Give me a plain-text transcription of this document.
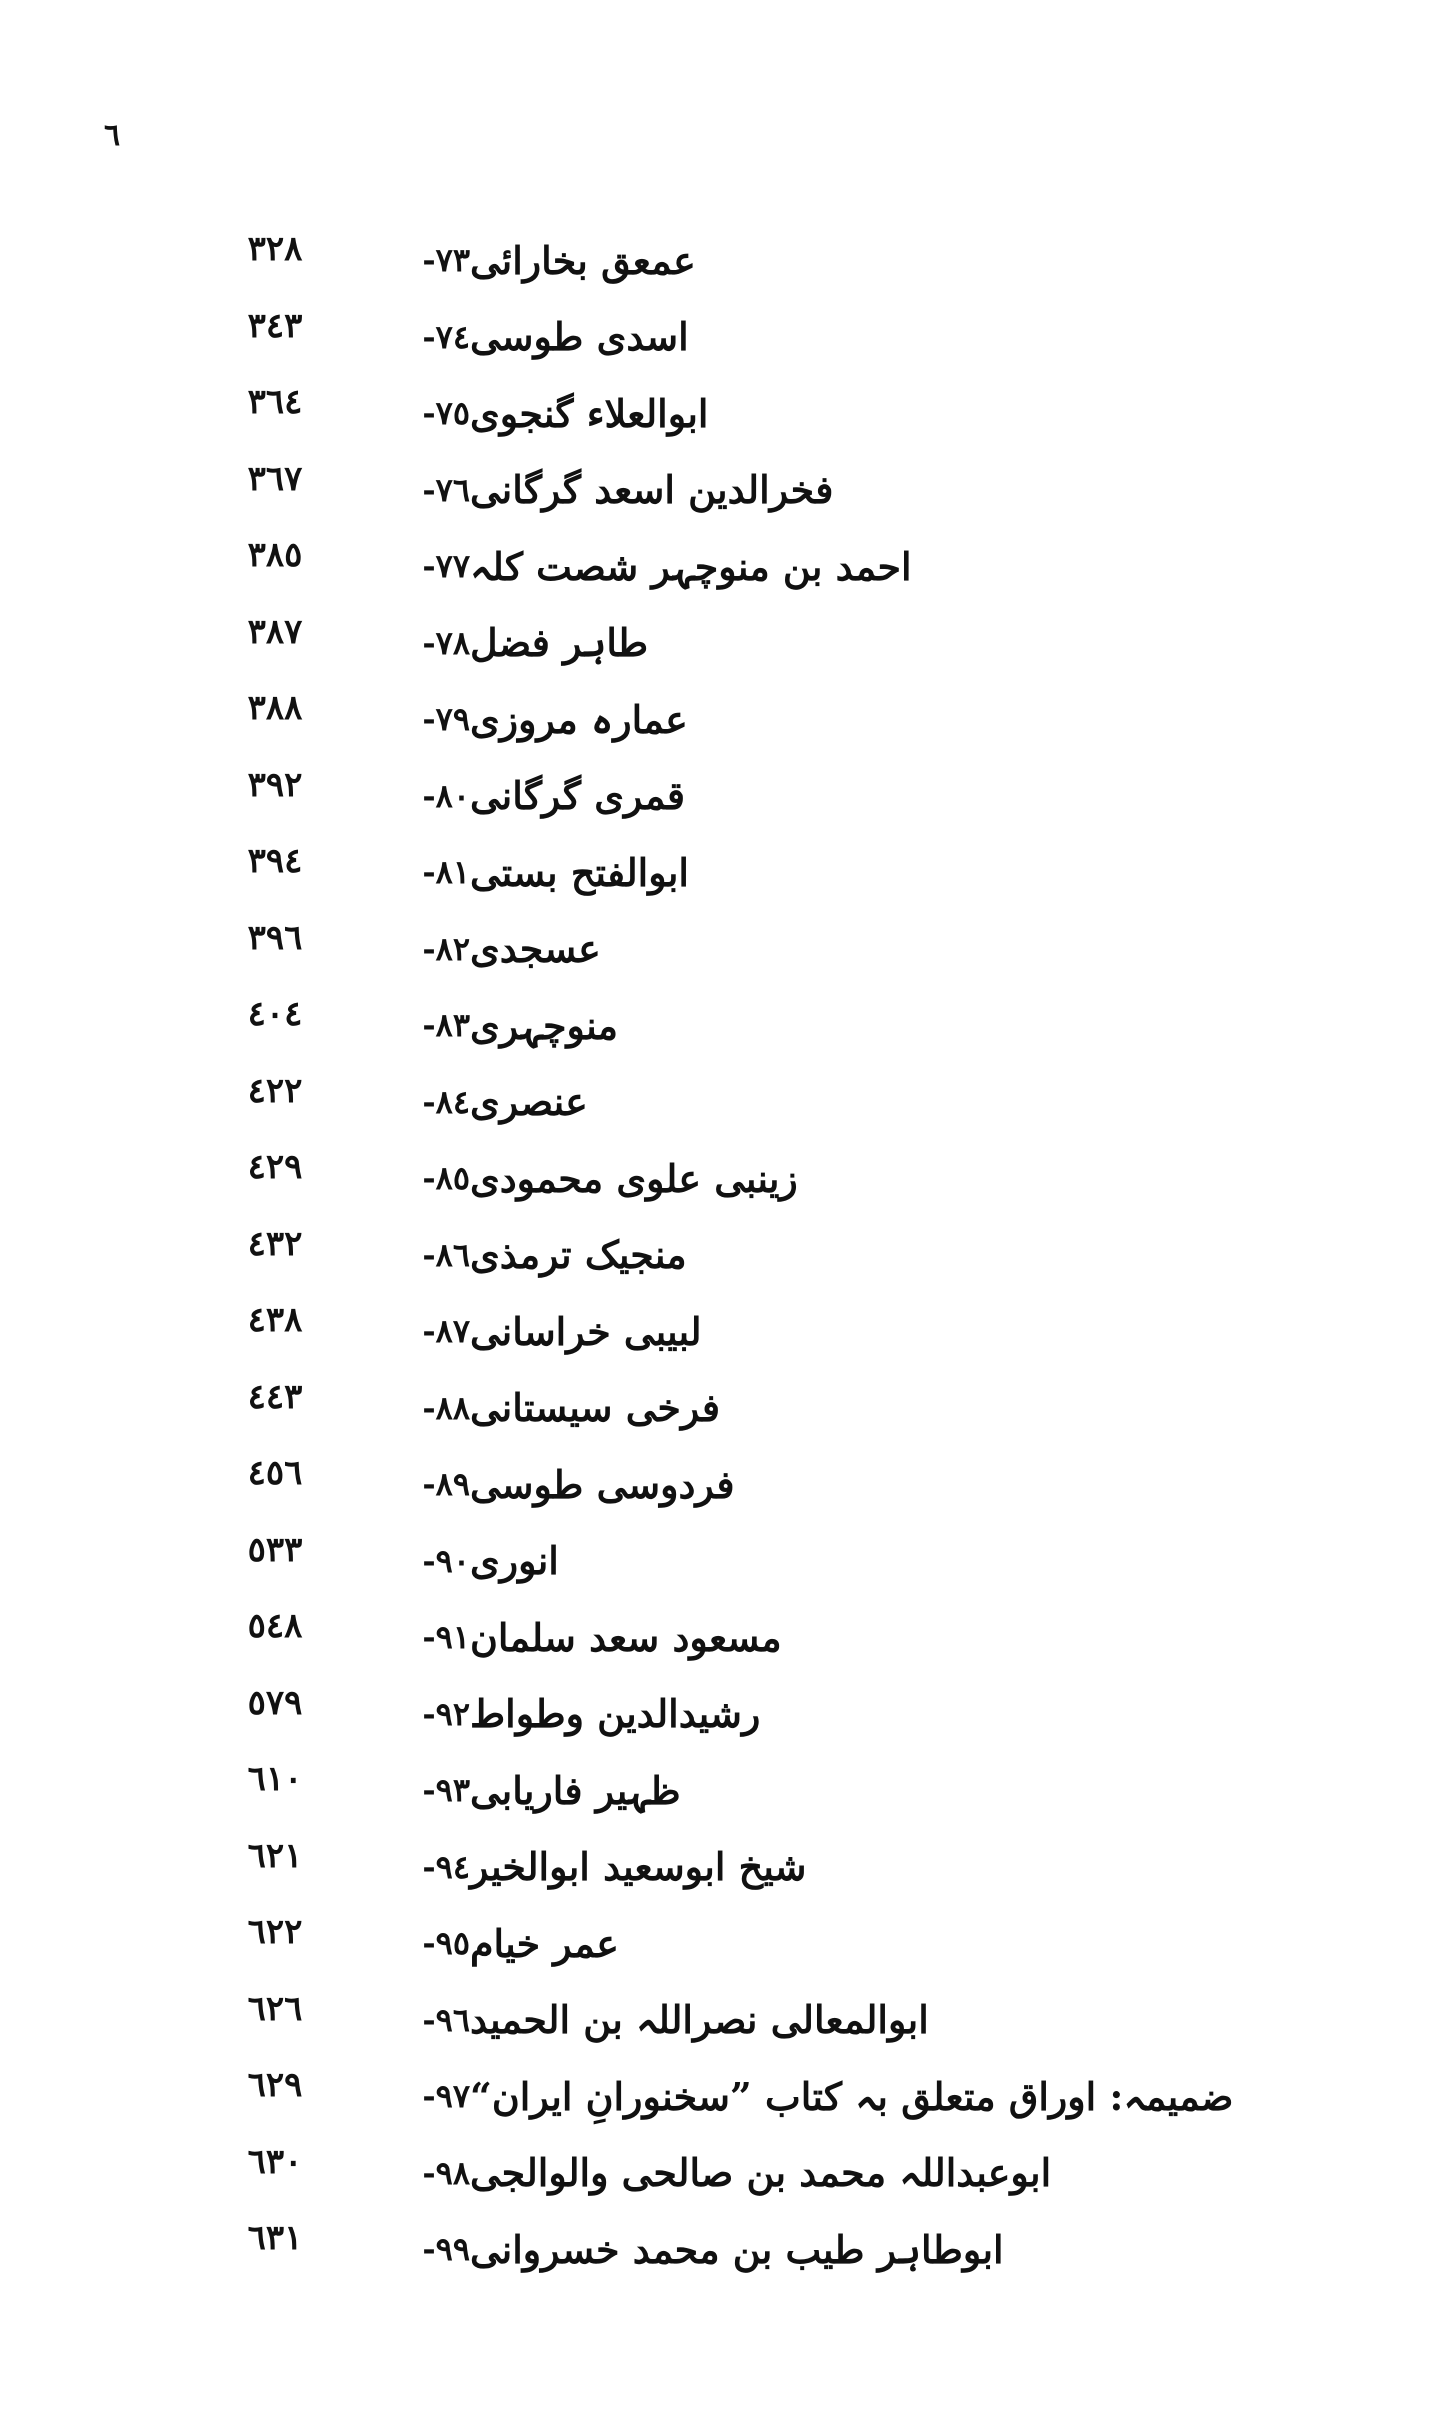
٦
٣٢٨	٧٣- عمعق بخارائی
٣٤٣	٧٤- اسدی طوسی
٣٦٤	٧٥- ابوالعلاء گنجوی
٣٦٧	٧٦- فخرالدین اسعد گرگانی
٣٨٥	٧٧- احمد بن منوچہر شصت کلہ
٣٨٧	٧٨- طاہر فضل
٣٨٨	٧٩- عمارہ مروزی
٣٩٢	٨٠- قمری گرگانی
٣٩٤	٨١- ابوالفتح بستی
٣٩٦	٨٢- عسجدی
٤٠٤	٨٣- منوچہری
٤٢٢	٨٤- عنصری
٤٢٩	٨٥- زینبی علوی محمودی
٤٣٢	٨٦- منجیک ترمذی
٤٣٨	٨٧- لبیبی خراسانی
٤٤٣	٨٨- فرخی سیستانی
٤٥٦	٨٩- فردوسی طوسی
٥٣٣	٩٠- انوری
٥٤٨	٩١- مسعود سعد سلمان
٥٧٩	٩٢- رشیدالدین وطواط
٦١٠	٩٣- ظہیر فاریابی
٦٢١	٩٤- شیخ ابوسعید ابوالخیر
٦٢٢	٩٥- عمر خیام
٦٢٦	٩٦- ابوالمعالی نصراللہ بن الحمید
٦٢٩	٩٧- ضمیمہ: اوراق متعلق بہ کتاب ”سخنورانِ ایران“
٦٣٠	٩٨- ابوعبداللہ محمد بن صالحی والوالجی
٦٣١	٩٩- ابوطاہر طیب بن محمد خسروانی
